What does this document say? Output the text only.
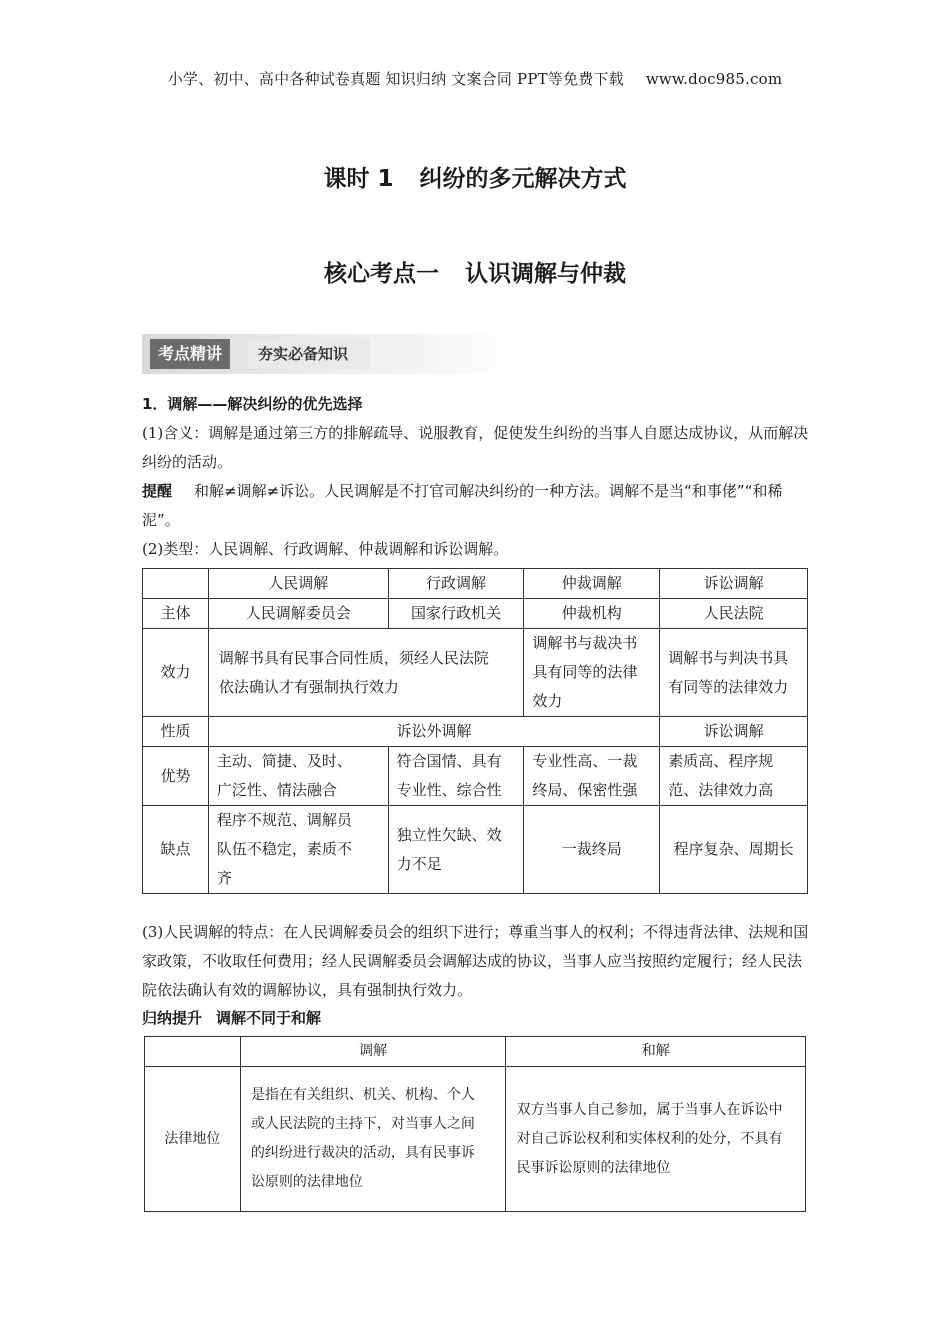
小学、初中、高中各种试卷真题 知识归纳 文案合同 PPT等免费下载 www.doc985.com
课时 1 纠纷的多元解决方式
核心考点一 认识调解与仲裁
考点精讲	夯实必备知识
1．调解——解决纠纷的优先选择
(1)含义：调解是通过第三方的排解疏导、说服教育，促使发生纠纷的当事人自愿达成协议，从而解决纠纷的活动。
提醒 和解≠调解≠诉讼。人民调解是不打官司解决纠纷的一种方法。调解不是当“和事佬”“和稀泥”。
(2)类型：人民调解、行政调解、仲裁调解和诉讼调解。
	人民调解	行政调解	仲裁调解	诉讼调解
主体	人民调解委员会	国家行政机关	仲裁机构	人民法院
效力	调解书具有民事合同性质，须经人民法院依法确认才有强制执行效力		调解书与裁决书具有同等的法律效力	调解书与判决书具有同等的法律效力
性质	诉讼外调解			诉讼调解
优势	主动、简捷、及时、广泛性、情法融合	符合国情、具有专业性、综合性	专业性高、一裁终局、保密性强	素质高、程序规范、法律效力高
缺点	程序不规范、调解员队伍不稳定，素质不齐	独立性欠缺、效力不足	一裁终局	程序复杂、周期长
(3)人民调解的特点：在人民调解委员会的组织下进行；尊重当事人的权利；不得违背法律、法规和国家政策，不收取任何费用；经人民调解委员会调解达成的协议，当事人应当按照约定履行；经人民法院依法确认有效的调解协议，具有强制执行效力。
归纳提升 调解不同于和解
	调解	和解
法律地位	是指在有关组织、机关、机构、个人或人民法院的主持下，对当事人之间的纠纷进行裁决的活动，具有民事诉讼原则的法律地位	双方当事人自己参加，属于当事人在诉讼中对自己诉讼权利和实体权利的处分，不具有民事诉讼原则的法律地位
